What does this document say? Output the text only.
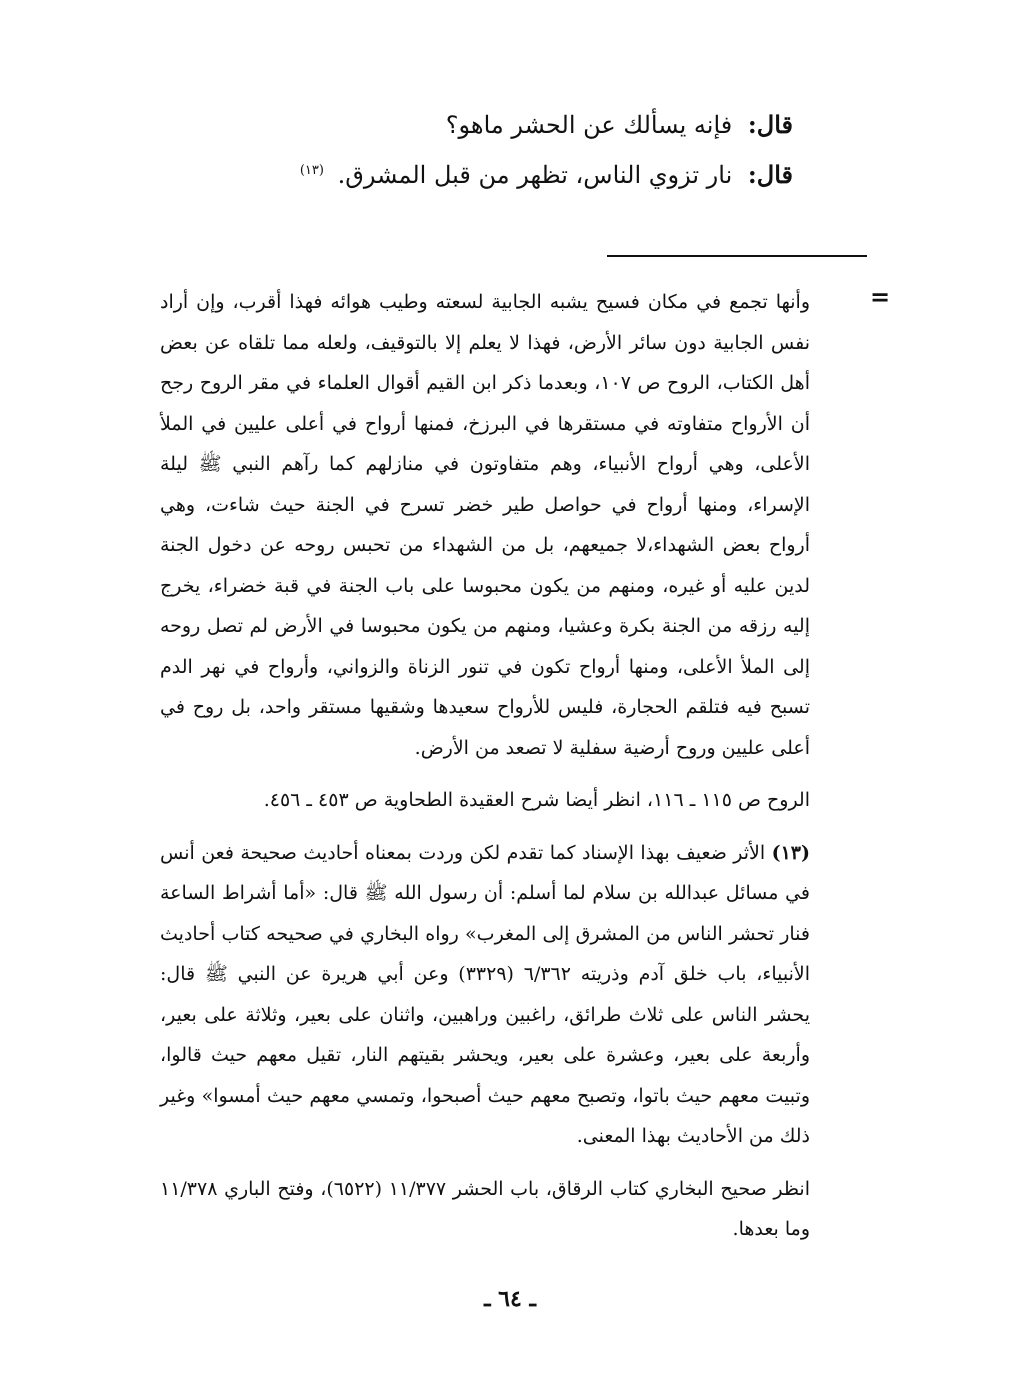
قال: فإنه يسألك عن الحشر ماهو؟
قال: نار تزوي الناس، تظهر من قبل المشرق. $^{(١٣)}$
=

وأنها تجمع في مكان فسيح يشبه الجابية لسعته وطيب هوائه فهذا أقرب، وإن أراد نفس الجابية دون سائر الأرض، فهذا لا يعلم إلا بالتوقيف، ولعله مما تلقاه عن بعض أهل الكتاب، الروح ص ١٠٧، وبعدما ذكر ابن القيم أقوال العلماء في مقر الروح رجح أن الأرواح متفاوته في مستقرها في البرزخ، فمنها أرواح في أعلى عليين في الملأ الأعلى، وهي أرواح الأنبياء، وهم متفاوتون في منازلهم كما رآهم النبي ﷺ ليلة الإسراء، ومنها أرواح في حواصل طير خضر تسرح في الجنة حيث شاءت، وهي أرواح بعض الشهداء،لا جميعهم، بل من الشهداء من تحبس روحه عن دخول الجنة لدين عليه أو غيره، ومنهم من يكون محبوسا على باب الجنة في قبة خضراء، يخرج إليه رزقه من الجنة بكرة وعشيا، ومنهم من يكون محبوسا في الأرض لم تصل روحه إلى الملأ الأعلى، ومنها أرواح تكون في تنور الزناة والزواني، وأرواح في نهر الدم تسبح فيه فتلقم الحجارة، فليس للأرواح سعيدها وشقيها مستقر واحد، بل روح في أعلى عليين وروح أرضية سفلية لا تصعد من الأرض.

الروح ص ١١٥ ـ ١١٦، انظر أيضا شرح العقيدة الطحاوية ص ٤٥٣ ـ ٤٥٦.

(١٣) الأثر ضعيف بهذا الإسناد كما تقدم لكن وردت بمعناه أحاديث صحيحة فعن أنس في مسائل عبدالله بن سلام لما أسلم: أن رسول الله ﷺ قال: «أما أشراط الساعة فنار تحشر الناس من المشرق إلى المغرب» رواه البخاري في صحيحه كتاب أحاديث الأنبياء، باب خلق آدم وذريته ٦/٣٦٢ (٣٣٢٩) وعن أبي هريرة عن النبي ﷺ قال: يحشر الناس على ثلاث طرائق، راغبين وراهبين، واثنان على بعير، وثلاثة على بعير، وأربعة على بعير، وعشرة على بعير، ويحشر بقيتهم النار، تقيل معهم حيث قالوا، وتبيت معهم حيث باتوا، وتصبح معهم حيث أصبحوا، وتمسي معهم حيث أمسوا» وغير ذلك من الأحاديث بهذا المعنى.

انظر صحيح البخاري كتاب الرقاق، باب الحشر ١١/٣٧٧ (٦٥٢٢)، وفتح الباري ١١/٣٧٨ وما بعدها.

ـ ٦٤ ـ
